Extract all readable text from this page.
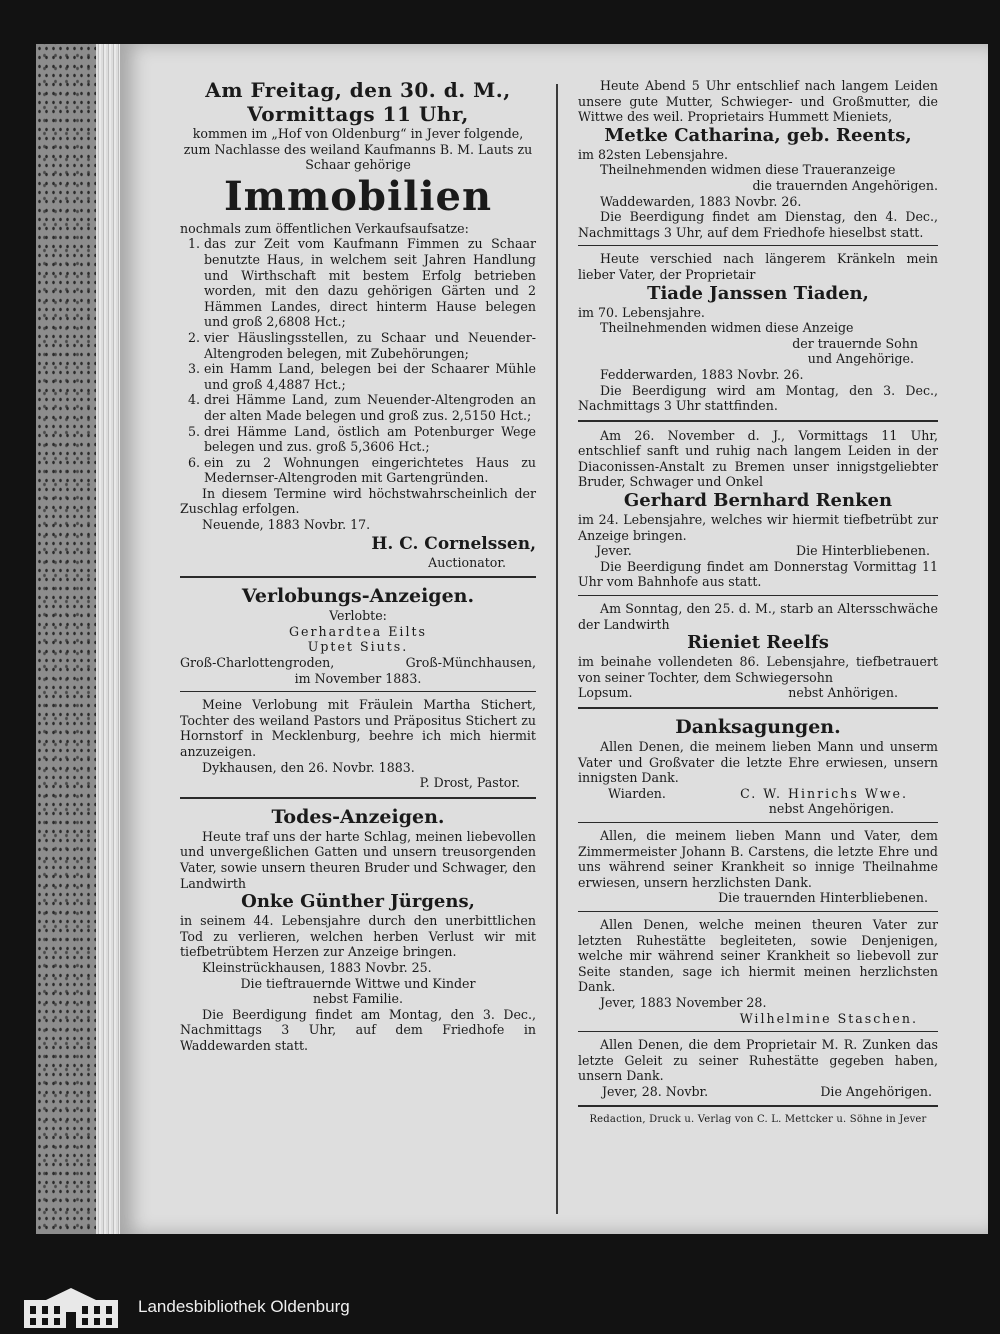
Am Freitag, den 30. d. M.,
Vormittags 11 Uhr,
kommen im „Hof von Oldenburg“ in Jever folgende, zum Nachlasse des weiland Kaufmanns B. M. Lauts zu Schaar gehörige
Immobilien
nochmals zum öffentlichen Verkaufsaufsatze:
1. das zur Zeit vom Kaufmann Fimmen zu Schaar benutzte Haus, in welchem seit Jahren Handlung und Wirthschaft mit bestem Erfolg betrieben worden, mit den dazu gehörigen Gärten und 2 Hämmen Landes, direct hinterm Hause belegen und groß 2,6808 Hct.;
2. vier Häuslingsstellen, zu Schaar und Neuender-Altengroden belegen, mit Zubehörungen;
3. ein Hamm Land, belegen bei der Schaarer Mühle und groß 4,4887 Hct.;
4. drei Hämme Land, zum Neuender-Altengroden an der alten Made belegen und groß zus. 2,5150 Hct.;
5. drei Hämme Land, östlich am Potenburger Wege belegen und zus. groß 5,3606 Hct.;
6. ein zu 2 Wohnungen eingerichtetes Haus zu Medernser-Altengroden mit Gartengründen.
In diesem Termine wird höchstwahrscheinlich der Zuschlag erfolgen.
Neuende, 1883 Novbr. 17.
H. C. Cornelssen,
Auctionator.
Verlobungs-Anzeigen.
Verlobte:
Gerhardtea Eilts
Uptet Siuts.
Groß-Charlottengroden,	Groß-Münchhausen,
im November 1883.
Meine Verlobung mit Fräulein Martha Stichert, Tochter des weiland Pastors und Präpositus Stichert zu Hornstorf in Mecklenburg, beehre ich mich hiermit anzuzeigen.
Dykhausen, den 26. Novbr. 1883.
P. Drost, Pastor.
Todes-Anzeigen.
Heute traf uns der harte Schlag, meinen liebevollen und unvergeßlichen Gatten und unsern treusorgenden Vater, sowie unsern theuren Bruder und Schwager, den Landwirth
Onke Günther Jürgens,
in seinem 44. Lebensjahre durch den unerbittlichen Tod zu verlieren, welchen herben Verlust wir mit tiefbetrübtem Herzen zur Anzeige bringen.
Kleinstrückhausen, 1883 Novbr. 25.
Die tieftrauernde Wittwe und Kinder
nebst Familie.
Die Beerdigung findet am Montag, den 3. Dec., Nachmittags 3 Uhr, auf dem Friedhofe in Waddewarden statt.
Heute Abend 5 Uhr entschlief nach langem Leiden unsere gute Mutter, Schwieger- und Großmutter, die Wittwe des weil. Proprietairs Hummett Mieniets,
Metke Catharina, geb. Reents,
im 82sten Lebensjahre.
Theilnehmenden widmen diese Traueranzeige
die trauernden Angehörigen.
Waddewarden, 1883 Novbr. 26.
Die Beerdigung findet am Dienstag, den 4. Dec., Nachmittags 3 Uhr, auf dem Friedhofe hieselbst statt.
Heute verschied nach längerem Kränkeln mein lieber Vater, der Proprietair
Tiade Janssen Tiaden,
im 70. Lebensjahre.
Theilnehmenden widmen diese Anzeige
der trauernde Sohn
und Angehörige.
Fedderwarden, 1883 Novbr. 26.
Die Beerdigung wird am Montag, den 3. Dec., Nachmittags 3 Uhr stattfinden.
Am 26. November d. J., Vormittags 11 Uhr, entschlief sanft und ruhig nach langem Leiden in der Diaconissen-Anstalt zu Bremen unser innigstgeliebter Bruder, Schwager und Onkel
Gerhard Bernhard Renken
im 24. Lebensjahre, welches wir hiermit tiefbetrübt zur Anzeige bringen.
Jever.	Die Hinterbliebenen.
Die Beerdigung findet am Donnerstag Vormittag 11 Uhr vom Bahnhofe aus statt.
Am Sonntag, den 25. d. M., starb an Altersschwäche der Landwirth
Rieniet Reelfs
im beinahe vollendeten 86. Lebensjahre, tiefbetrauert von seiner Tochter, dem Schwiegersohn
Lopsum.	nebst Anhörigen.
Danksagungen.
Allen Denen, die meinem lieben Mann und unserm Vater und Großvater die letzte Ehre erwiesen, unsern innigsten Dank.
Wiarden.	C. W. Hinrichs Wwe.
nebst Angehörigen.
Allen, die meinem lieben Mann und Vater, dem Zimmermeister Johann B. Carstens, die letzte Ehre und uns während seiner Krankheit so innige Theilnahme erwiesen, unsern herzlichsten Dank.
Die trauernden Hinterbliebenen.
Allen Denen, welche meinen theuren Vater zur letzten Ruhestätte begleiteten, sowie Denjenigen, welche mir während seiner Krankheit so liebevoll zur Seite standen, sage ich hiermit meinen herzlichsten Dank.
Jever, 1883 November 28.
Wilhelmine Staschen.
Allen Denen, die dem Proprietair M. R. Zunken das letzte Geleit zu seiner Ruhestätte gegeben haben, unsern Dank.
Jever, 28. Novbr.	Die Angehörigen.
Redaction, Druck u. Verlag von C. L. Mettcker u. Söhne in Jever
Landesbibliothek Oldenburg
